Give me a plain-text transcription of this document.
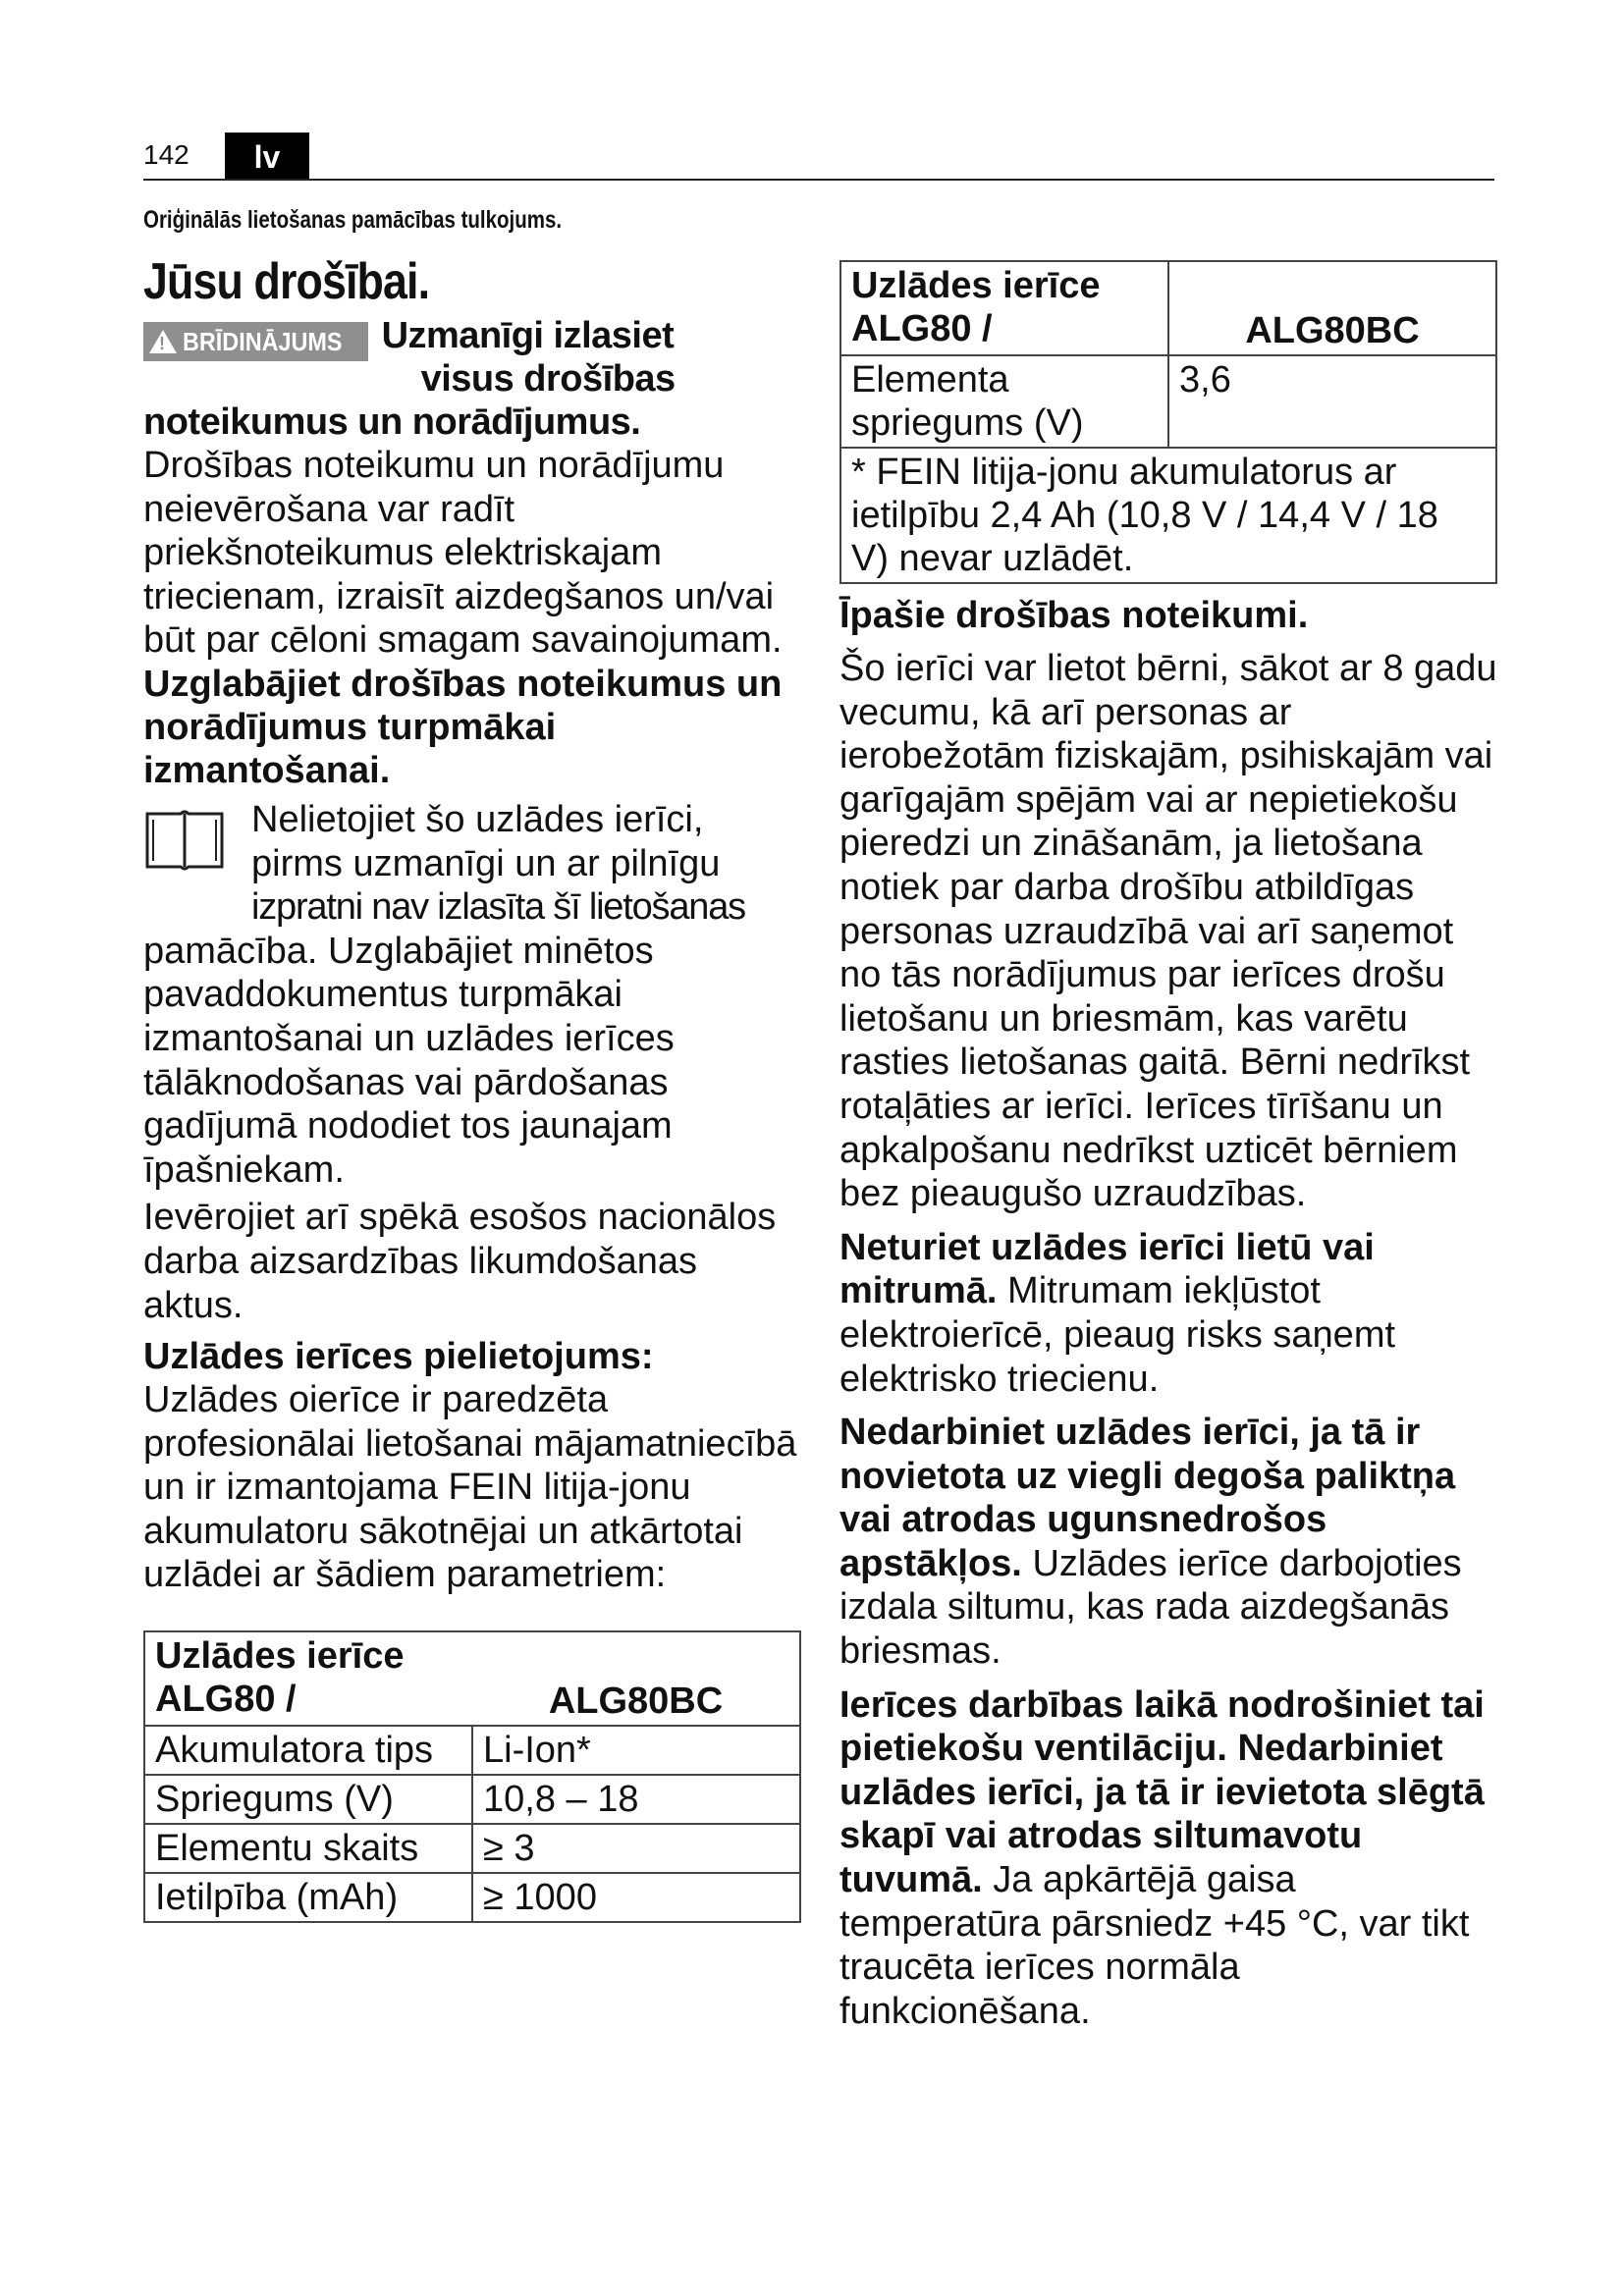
142	lv
Oriģinālās lietošanas pamācības tulkojums.
Jūsu drošībai.
! BRĪDINĀJUMS Uzmanīgi izlasiet
visus drošības
noteikumus un norādījumus.

Drošības noteikumu un norādījumu neievērošana var radīt priekšnoteikumus elektriskajam triecienam, izraisīt aizdegšanos un/vai būt par cēloni smagam savainojumam.

Uzglabājiet drošības noteikumus un norādījumus turpmākai izmantošanai.

Nelietojiet šo uzlādes ierīci,

pirms uzmanīgi un ar pilnīgu

izpratni nav izlasīta šī lietošanas

pamācība. Uzglabājiet minētos pavaddokumentus turpmākai izmantošanai un uzlādes ierīces tālāknodošanas vai pārdošanas gadījumā nododiet tos jaunajam īpašniekam.

Ievērojiet arī spēkā esošos nacionālos darba aizsardzības likumdošanas aktus.

Uzlādes ierīces pielietojums:

Uzlādes oierīce ir paredzēta profesionālai lietošanai mājamatniecībā un ir izmantojama FEIN litija-jonu akumulatoru sākotnējai un atkārtotai uzlādei ar šādiem parametriem:

Uzlādes ierīce ALG80 /	ALG80BC
Akumulatora tips	Li-Ion*
Spriegums (V)	10,8 – 18
Elementu skaits	≥ 3
Ietilpība (mAh)	≥ 1000
Uzlādes ierīce ALG80 /	ALG80BC
Elementa spriegums (V)	3,6
* FEIN litija-jonu akumulatorus ar ietilpību 2,4 Ah (10,8 V / 14,4 V / 18 V) nevar uzlādēt.	

Īpašie drošības noteikumi.

Šo ierīci var lietot bērni, sākot ar 8 gadu vecumu, kā arī personas ar ierobežotām fiziskajām, psihiskajām vai garīgajām spējām vai ar nepietiekošu pieredzi un zināšanām, ja lietošana notiek par darba drošību atbildīgas personas uzraudzībā vai arī saņemot no tās norādījumus par ierīces drošu lietošanu un briesmām, kas varētu rasties lietošanas gaitā. Bērni nedrīkst rotaļāties ar ierīci. Ierīces tīrīšanu un apkalpošanu nedrīkst uzticēt bērniem bez pieaugušo uzraudzības.

Neturiet uzlādes ierīci lietū vai mitrumā. Mitrumam iekļūstot elektroierīcē, pieaug risks saņemt elektrisko triecienu.

Nedarbiniet uzlādes ierīci, ja tā ir novietota uz viegli degoša paliktņa vai atrodas ugunsnedrošos apstākļos. Uzlādes ierīce darbojoties izdala siltumu, kas rada aizdegšanās briesmas.

Ierīces darbības laikā nodrošiniet tai pietiekošu ventilāciju. Nedarbiniet uzlādes ierīci, ja tā ir ievietota slēgtā skapī vai atrodas siltumavotu tuvumā. Ja apkārtējā gaisa temperatūra pārsniedz +45 °C, var tikt traucēta ierīces normāla funkcionēšana.
